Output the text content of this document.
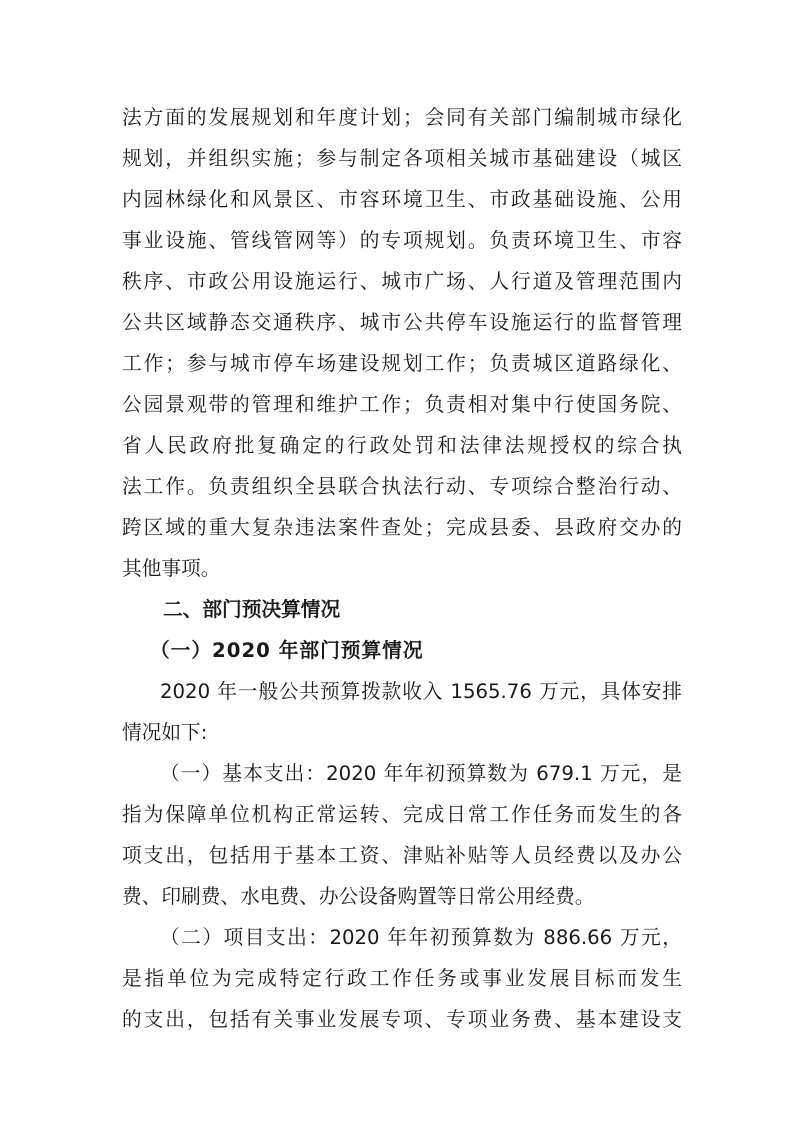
法方面的发展规划和年度计划；会同有关部门编制城市绿化
规划，并组织实施；参与制定各项相关城市基础建设（城区
内园林绿化和风景区、市容环境卫生、市政基础设施、公用
事业设施、管线管网等）的专项规划。负责环境卫生、市容
秩序、市政公用设施运行、城市广场、人行道及管理范围内
公共区域静态交通秩序、城市公共停车设施运行的监督管理
工作；参与城市停车场建设规划工作；负责城区道路绿化、
公园景观带的管理和维护工作；负责相对集中行使国务院、
省人民政府批复确定的行政处罚和法律法规授权的综合执
法工作。负责组织全县联合执法行动、专项综合整治行动、
跨区域的重大复杂违法案件查处；完成县委、县政府交办的
其他事项。
二、部门预决算情况
（一）2020 年部门预算情况
2020 年一般公共预算拨款收入 1565.76 万元，具体安排
情况如下:
（一）基本支出：2020 年年初预算数为 679.1 万元，是
指为保障单位机构正常运转、完成日常工作任务而发生的各
项支出，包括用于基本工资、津贴补贴等人员经费以及办公
费、印刷费、水电费、办公设备购置等日常公用经费。
（二）项目支出：2020 年年初预算数为 886.66 万元，
是指单位为完成特定行政工作任务或事业发展目标而发生
的支出，包括有关事业发展专项、专项业务费、基本建设支
